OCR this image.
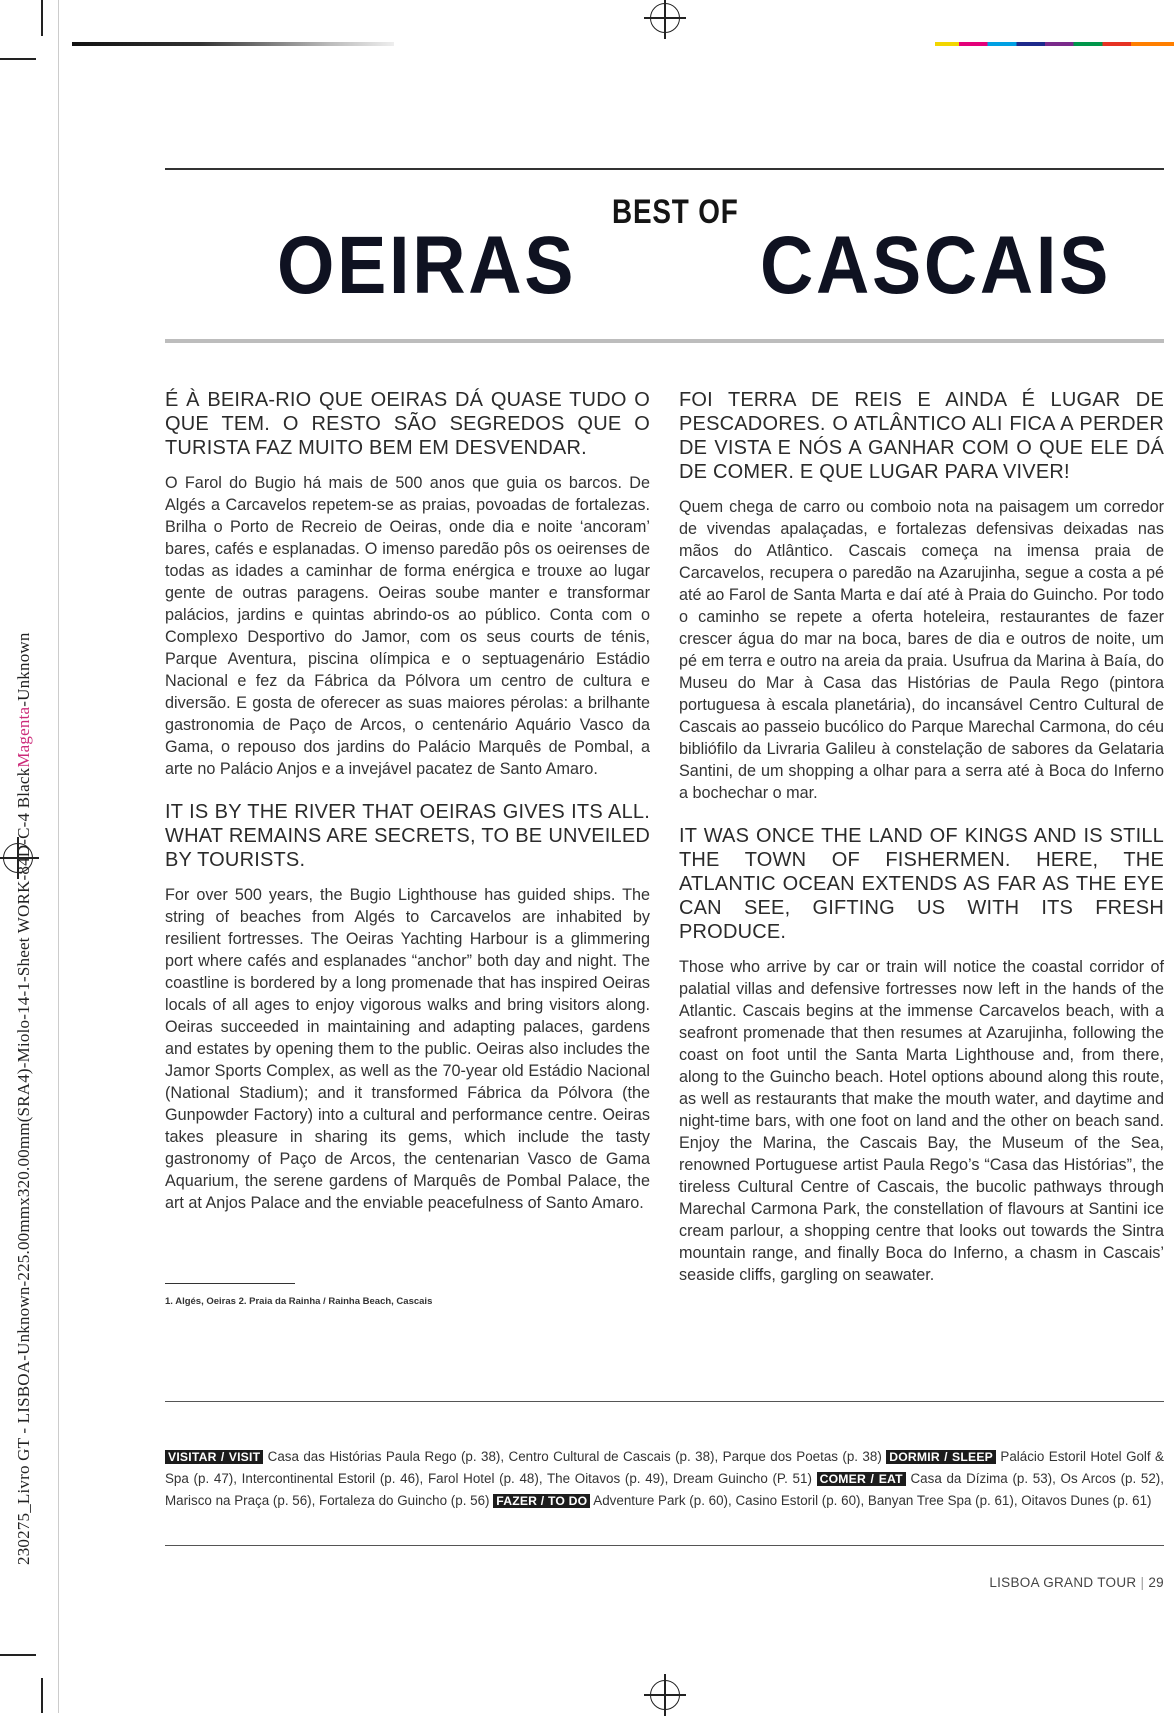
230275_Livro GT - LISBOA-Unknown-225.00mmx320.00mm(SRA4)-Miolo-14-1-Sheet WORK-84D-C-4 BlackMagenta-Unknown
BEST OF
OEIRAS CASCAIS

É À BEIRA-RIO QUE OEIRAS DÁ QUASE TUDO O QUE TEM. O RESTO SÃO SEGREDOS QUE O TURISTA FAZ MUITO BEM EM DESVENDAR.

O Farol do Bugio há mais de 500 anos que guia os barcos. De Algés a Carcavelos repetem-se as praias, povoadas de fortalezas. Brilha o Porto de Recreio de Oeiras, onde dia e noite ‘ancoram’ bares, cafés e esplanadas. O imenso paredão pôs os oeirenses de todas as idades a caminhar de forma enérgica e trouxe ao lugar gente de outras paragens. Oeiras soube manter e transformar palácios, jardins e quintas abrindo-os ao público. Conta com o Complexo Desportivo do Jamor, com os seus courts de ténis, Parque Aventura, piscina olímpica e o septuagenário Estádio Nacional e fez da Fábrica da Pólvora um centro de cultura e diversão. E gosta de oferecer as suas maiores pérolas: a brilhante gastronomia de Paço de Arcos, o centenário Aquário Vasco da Gama, o repouso dos jardins do Palácio Marquês de Pombal, a arte no Palácio Anjos e a invejável pacatez de Santo Amaro.

IT IS BY THE RIVER THAT OEIRAS GIVES ITS ALL. WHAT REMAINS ARE SECRETS, TO BE UNVEILED BY TOURISTS.

For over 500 years, the Bugio Lighthouse has guided ships. The string of beaches from Algés to Carcavelos are inhabited by resilient fortresses. The Oeiras Yachting Harbour is a glimmering port where cafés and esplanades “anchor” both day and night. The coastline is bordered by a long promenade that has inspired Oeiras locals of all ages to enjoy vigorous walks and bring visitors along. Oeiras succeeded in maintaining and adapting palaces, gardens and estates by opening them to the public. Oeiras also includes the Jamor Sports Complex, as well as the 70-year old Estádio Nacional (National Stadium); and it transformed Fábrica da Pólvora (the Gunpowder Factory) into a cultural and performance centre. Oeiras takes pleasure in sharing its gems, which include the tasty gastronomy of Paço de Arcos, the centenarian Vasco de Gama Aquarium, the serene gardens of Marquês de Pombal Palace, the art at Anjos Palace and the enviable peacefulness of Santo Amaro.

FOI TERRA DE REIS E AINDA É LUGAR DE PESCADORES. O ATLÂNTICO ALI FICA A PERDER DE VISTA E NÓS A GANHAR COM O QUE ELE DÁ DE COMER. E QUE LUGAR PARA VIVER!

Quem chega de carro ou comboio nota na paisagem um corredor de vivendas apalaçadas, e fortalezas defensivas deixadas nas mãos do Atlântico. Cascais começa na imensa praia de Carcavelos, recupera o paredão na Azarujinha, segue a costa a pé até ao Farol de Santa Marta e daí até à Praia do Guincho. Por todo o caminho se repete a oferta hoteleira, restaurantes de fazer crescer água do mar na boca, bares de dia e outros de noite, um pé em terra e outro na areia da praia. Usufrua da Marina à Baía, do Museu do Mar à Casa das Histórias de Paula Rego (pintora portuguesa à escala planetária), do incansável Centro Cultural de Cascais ao passeio bucólico do Parque Marechal Carmona, do céu bibliófilo da Livraria Galileu à constelação de sabores da Gelataria Santini, de um shopping a olhar para a serra até à Boca do Inferno a bochechar o mar.

IT WAS ONCE THE LAND OF KINGS AND IS STILL THE TOWN OF FISHERMEN. HERE, THE ATLANTIC OCEAN EXTENDS AS FAR AS THE EYE CAN SEE, GIFTING US WITH ITS FRESH PRODUCE.

Those who arrive by car or train will notice the coastal corridor of palatial villas and defensive fortresses now left in the hands of the Atlantic. Cascais begins at the immense Carcavelos beach, with a seafront promenade that then resumes at Azarujinha, following the coast on foot until the Santa Marta Lighthouse and, from there, along to the Guincho beach. Hotel options abound along this route, as well as restaurants that make the mouth water, and daytime and night-time bars, with one foot on land and the other on beach sand. Enjoy the Marina, the Cascais Bay, the Museum of the Sea, renowned Portuguese artist Paula Rego’s “Casa das Histórias”, the tireless Cultural Centre of Cascais, the bucolic pathways through Marechal Carmona Park, the constellation of flavours at Santini ice cream parlour, a shopping centre that looks out towards the Sintra mountain range, and finally Boca do Inferno, a chasm in Cascais’ seaside cliffs, gargling on seawater.

1. Algés, Oeiras 2. Praia da Rainha / Rainha Beach, Cascais
VISITAR / VISIT Casa das Histórias Paula Rego (p. 38), Centro Cultural de Cascais (p. 38), Parque dos Poetas (p. 38) DORMIR / SLEEP Palácio Estoril Hotel Golf & Spa (p. 47), Intercontinental Estoril (p. 46), Farol Hotel (p. 48), The Oitavos (p. 49), Dream Guincho (P. 51) COMER / EAT Casa da Dízima (p. 53), Os Arcos (p. 52), Marisco na Praça (p. 56), Fortaleza do Guincho (p. 56) FAZER / TO DO Adventure Park (p. 60), Casino Estoril (p. 60), Banyan Tree Spa (p. 61), Oitavos Dunes (p. 61)
LISBOA GRAND TOUR | 29
